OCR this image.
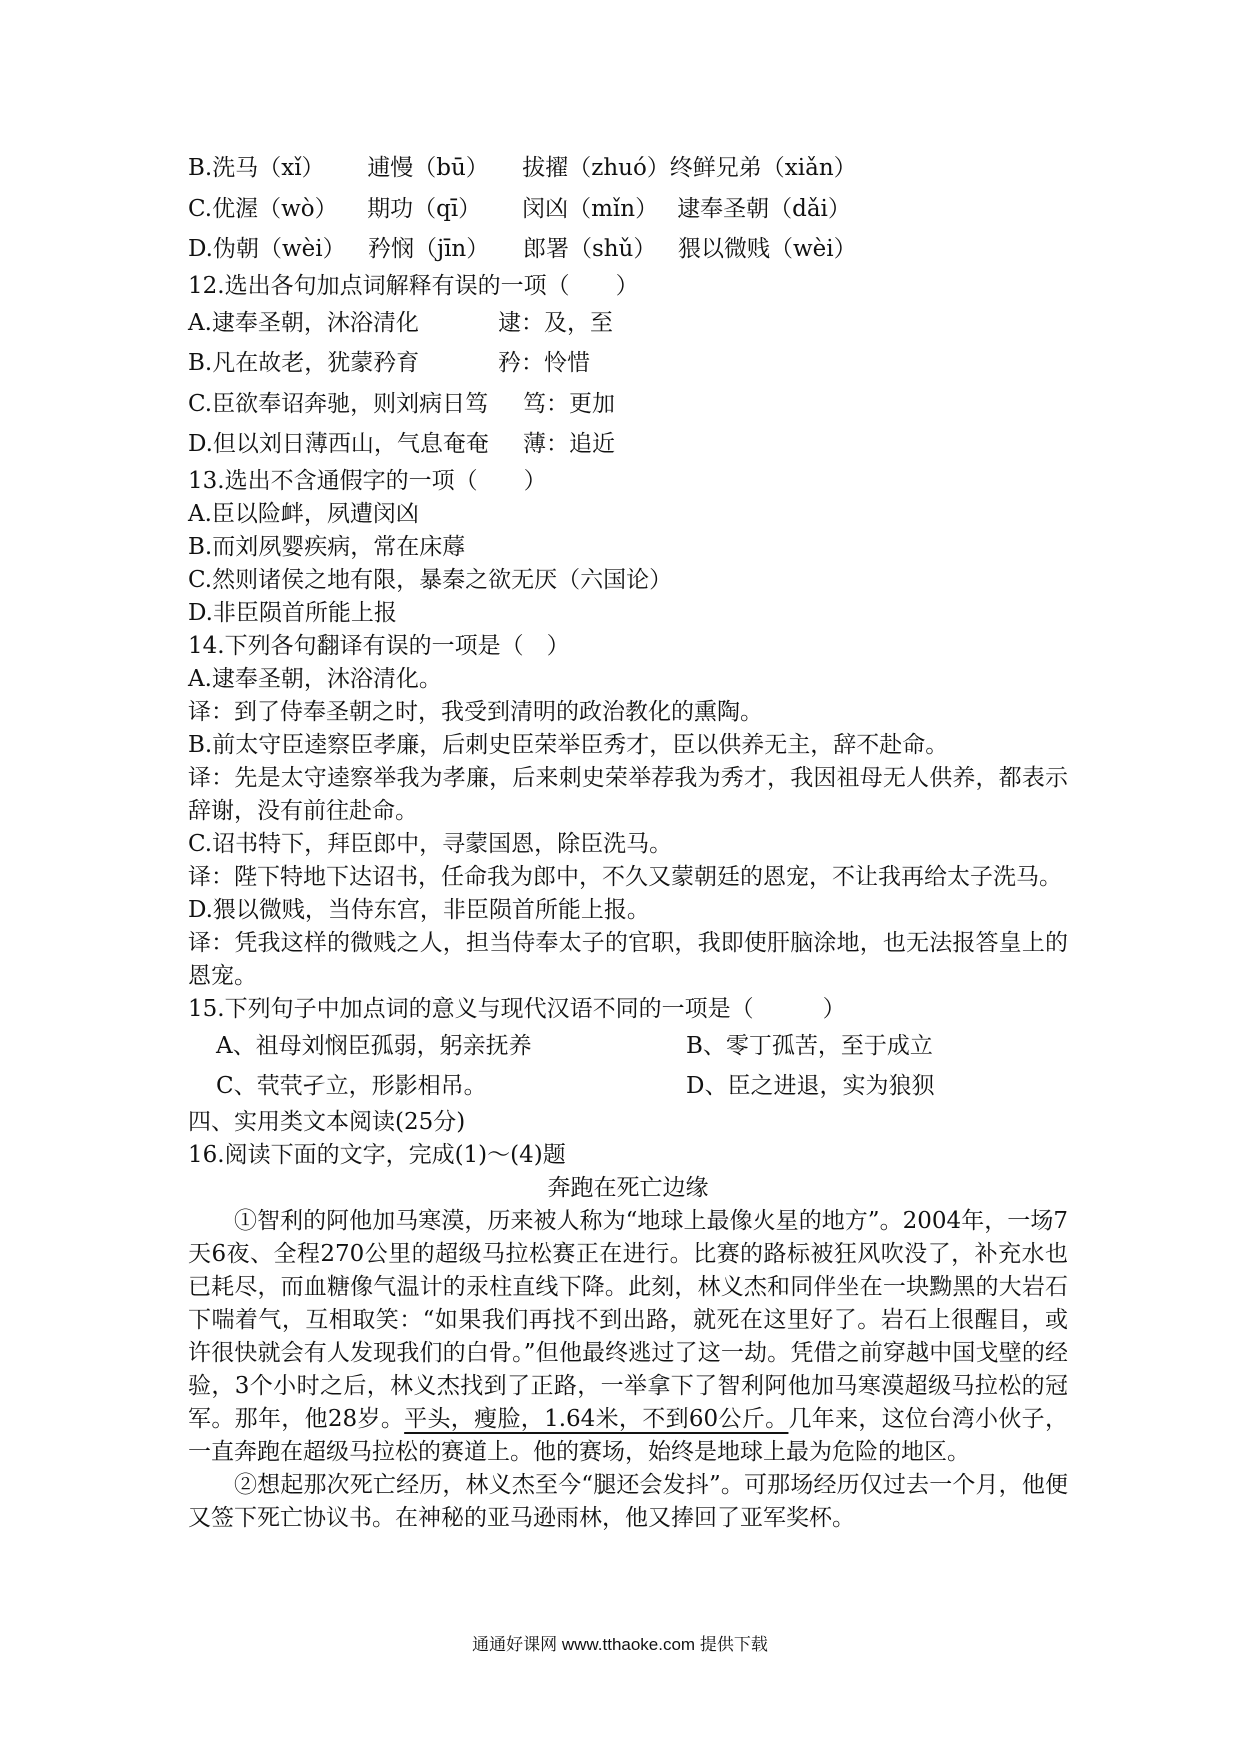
B.洗马（xǐ） 逋慢（bū） 拔擢（zhuó）终鲜兄弟（xiǎn）
C.优渥（wò） 期功（qī） 闵凶（mǐn） 逮奉圣朝（dǎi）
D.伪朝（wèi） 矜悯（jīn） 郎署（shǔ） 猥以微贱（wèi）
12.选出各句加点词解释有误的一项（　　）
A.逮奉圣朝，沐浴清化	逮：及，至
B.凡在故老，犹蒙矜育	矜：怜惜
C.臣欲奉诏奔驰，则刘病日笃 笃：更加
D.但以刘日薄西山，气息奄奄 薄：追近
13.选出不含通假字的一项（　　）
A.臣以险衅，夙遭闵凶
B.而刘夙婴疾病，常在床蓐
C.然则诸侯之地有限，暴秦之欲无厌（六国论）
D.非臣陨首所能上报
14.下列各句翻译有误的一项是（　）
A.逮奉圣朝，沐浴清化。
译：到了侍奉圣朝之时，我受到清明的政治教化的熏陶。
B.前太守臣逵察臣孝廉，后刺史臣荣举臣秀才，臣以供养无主，辞不赴命。
译：先是太守逵察举我为孝廉，后来刺史荣举荐我为秀才，我因祖母无人供养，都表示辞谢，没有前往赴命。
C.诏书特下，拜臣郎中，寻蒙国恩，除臣洗马。
译：陛下特地下达诏书，任命我为郎中，不久又蒙朝廷的恩宠，不让我再给太子洗马。
D.猥以微贱，当侍东宫，非臣陨首所能上报。
译：凭我这样的微贱之人，担当侍奉太子的官职，我即使肝脑涂地，也无法报答皇上的恩宠。
15.下列句子中加点词的意义与现代汉语不同的一项是（　　　）
A、祖母刘悯臣孤弱，躬亲抚养	B、零丁孤苦，至于成立
C、茕茕孑立，形影相吊。	D、臣之进退，实为狼狈
四、实用类文本阅读(25分)
16.阅读下面的文字，完成(1)～(4)题
奔跑在死亡边缘
①智利的阿他加马寒漠，历来被人称为“地球上最像火星的地方”。2004年，一场7天6夜、全程270公里的超级马拉松赛正在进行。比赛的路标被狂风吹没了，补充水也已耗尽，而血糖像气温计的汞柱直线下降。此刻，林义杰和同伴坐在一块黝黑的大岩石下喘着气，互相取笑：“如果我们再找不到出路，就死在这里好了。岩石上很醒目，或许很快就会有人发现我们的白骨。”但他最终逃过了这一劫。凭借之前穿越中国戈壁的经验，3个小时之后，林义杰找到了正路，一举拿下了智利阿他加马寒漠超级马拉松的冠军。那年，他28岁。平头，瘦脸，1.64米，不到60公斤。几年来，这位台湾小伙子，一直奔跑在超级马拉松的赛道上。他的赛场，始终是地球上最为危险的地区。
②想起那次死亡经历，林义杰至今“腿还会发抖”。可那场经历仅过去一个月，他便又签下死亡协议书。在神秘的亚马逊雨林，他又捧回了亚军奖杯。
通通好课网 www.tthaoke.com 提供下载
